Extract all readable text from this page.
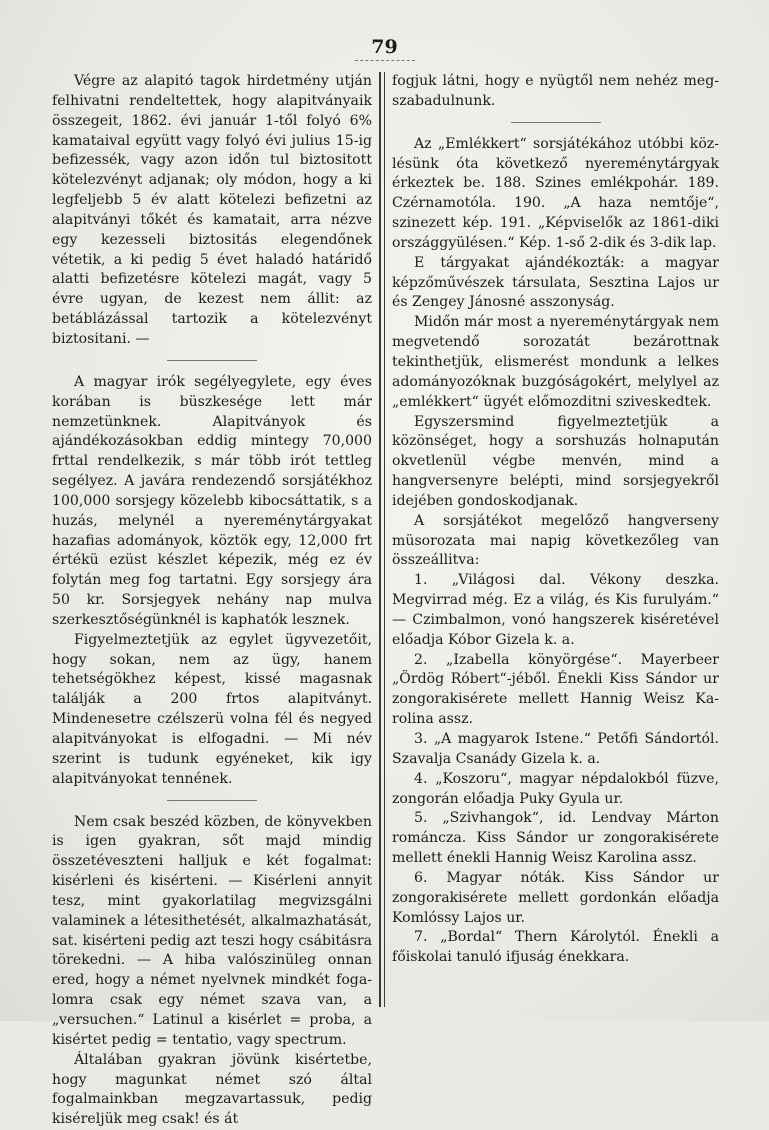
79

Végre az alapitó tagok hirdetmény utján felhivatni rendeltettek, hogy alapitványaik összegeit, 1862. évi január 1-től folyó 6% kamataival együtt vagy folyó évi julius 15-ig befizessék, vagy azon időn tul biztositott kötelezvényt adjanak; oly módon, hogy a ki legfeljebb 5 év alatt kötelezi befizetni az alapitványi tőkét és kamatait, arra nézve egy kezesseli biztositás elegendőnek vétetik, a ki pedig 5 évet haladó határidő alatti befizetésre kötelezi magát, vagy 5 évre ugyan, de kezest nem állit: az betáblázással tartozik a kötelezvényt biztositani. —

A magyar irók segélyegylete, egy éves korában is büszkesége lett már nemzetünknek. Alapitványok és ajándékozásokban eddig mintegy 70,000 frttal rendelkezik, s már több irót tettleg segélyez. A javára rendezendő sorsjátékhoz 100,000 sorsjegy közelebb kibocsáttatik, s a huzás, melynél a nyereménytárgyakat hazafias adományok, köztök egy, 12,000 frt értékü ezüst készlet képezik, még ez év folytán meg fog tartatni. Egy sorsjegy ára 50 kr. Sorsjegyek nehány nap mulva szerkesztőségünknél is kaphatók lesznek.

Figyelmeztetjük az egylet ügyvezetőit, hogy sokan, nem az ügy, hanem tehetségökhez képest, kissé magasnak találják a 200 frtos alapitványt. Mindenesetre czélszerü volna fél és negyed alapitványokat is elfogadni. — Mi név szerint is tudunk egyéneket, kik igy alapitványokat tennének.

Nem csak beszéd közben, de könyvekben is igen gyakran, sőt majd mindig összetéveszteni halljuk e két fogalmat: kisérleni és kisérteni. — Kisérleni annyit tesz, mint gyakorlatilag megvizsgálni valaminek a létesithetését, alkalmazhatását, sat. kisérteni pedig azt teszi hogy csábitásra törekedni. — A hiba valószinüleg onnan ered, hogy a német nyelvnek mindkét fogalomra csak egy német szava van, a „versuchen.“ Latinul a kisérlet = proba, a kisértet pedig = tentatio, vagy spectrum.

Általában gyakran jövünk kisértetbe, hogy magunkat német szó által fogalmainkban megzavartassuk, pedig kiséreljük meg csak! és át

fogjuk látni, hogy e nyügtől nem nehéz megszabadulnunk.

Az „Emlékkert“ sorsjátékához utóbbi közlésünk óta következő nyereménytárgyak érkeztek be. 188. Szines emlékpohár. 189. Czérnamotóla. 190. „A haza nemtője“, szinezett kép. 191. „Képviselők az 1861-diki országgyülésen.“ Kép. 1-ső 2-dik és 3-dik lap.

E tárgyakat ajándékozták: a magyar képzőművészek társulata, Sesztina Lajos ur és Zengey Jánosné asszonyság.

Midőn már most a nyereménytárgyak nem megvetendő sorozatát bezárottnak tekinthetjük, elismerést mondunk a lelkes adományozóknak buzgóságokért, melylyel az „emlékkert“ ügyét előmozditni sziveskedtek.

Egyszersmind figyelmeztetjük a közönséget, hogy a sorshuzás holnapután okvetlenül végbe menvén, mind a hangversenyre belépti, mind sorsjegyekről idejében gondoskodjanak.

A sorsjátékot megelőző hangverseny müsorozata mai napig következőleg van összeállitva:

1. „Világosi dal. Vékony deszka. Megvirrad még. Ez a világ, és Kis furulyám.“ — Czimbalmon, vonó hangszerek kiséretével előadja Kóbor Gizela k. a.

2. „Izabella könyörgése“. Mayerbeer „Ördög Róbert“-jéből. Énekli Kiss Sándor ur zongorakisérete mellett Hannig Weisz Karolina assz.

3. „A magyarok Istene.“ Petőfi Sándortól. Szavalja Csanády Gizela k. a.

4. „Koszoru“, magyar népdalokból füzve, zongorán előadja Puky Gyula ur.

5. „Szivhangok“, id. Lendvay Márton románcza. Kiss Sándor ur zongorakisérete mellett énekli Hannig Weisz Karolina assz.

6. Magyar nóták. Kiss Sándor ur zongorakisérete mellett gordonkán előadja Komlóssy Lajos ur.

7. „Bordal“ Thern Károlytól. Énekli a főiskolai tanuló ifjuság énekkara.
